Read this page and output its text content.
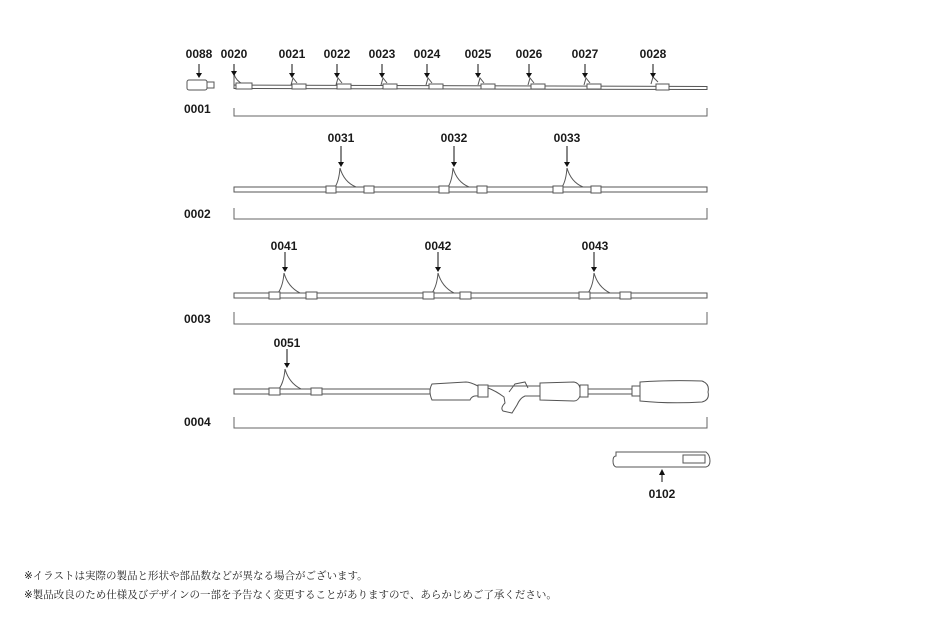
0088 0020	0021 0022 0023 0024 0025 0026 0027	0028
0001
0031	0032	0033
0002
0041	0042	0043
0003
0051
0004
0102
※イラストは実際の製品と形状や部品数などが異なる場合がございます。
※製品改良のため仕様及びデザインの一部を予告なく変更することがありますので、あらかじめご了承ください。
